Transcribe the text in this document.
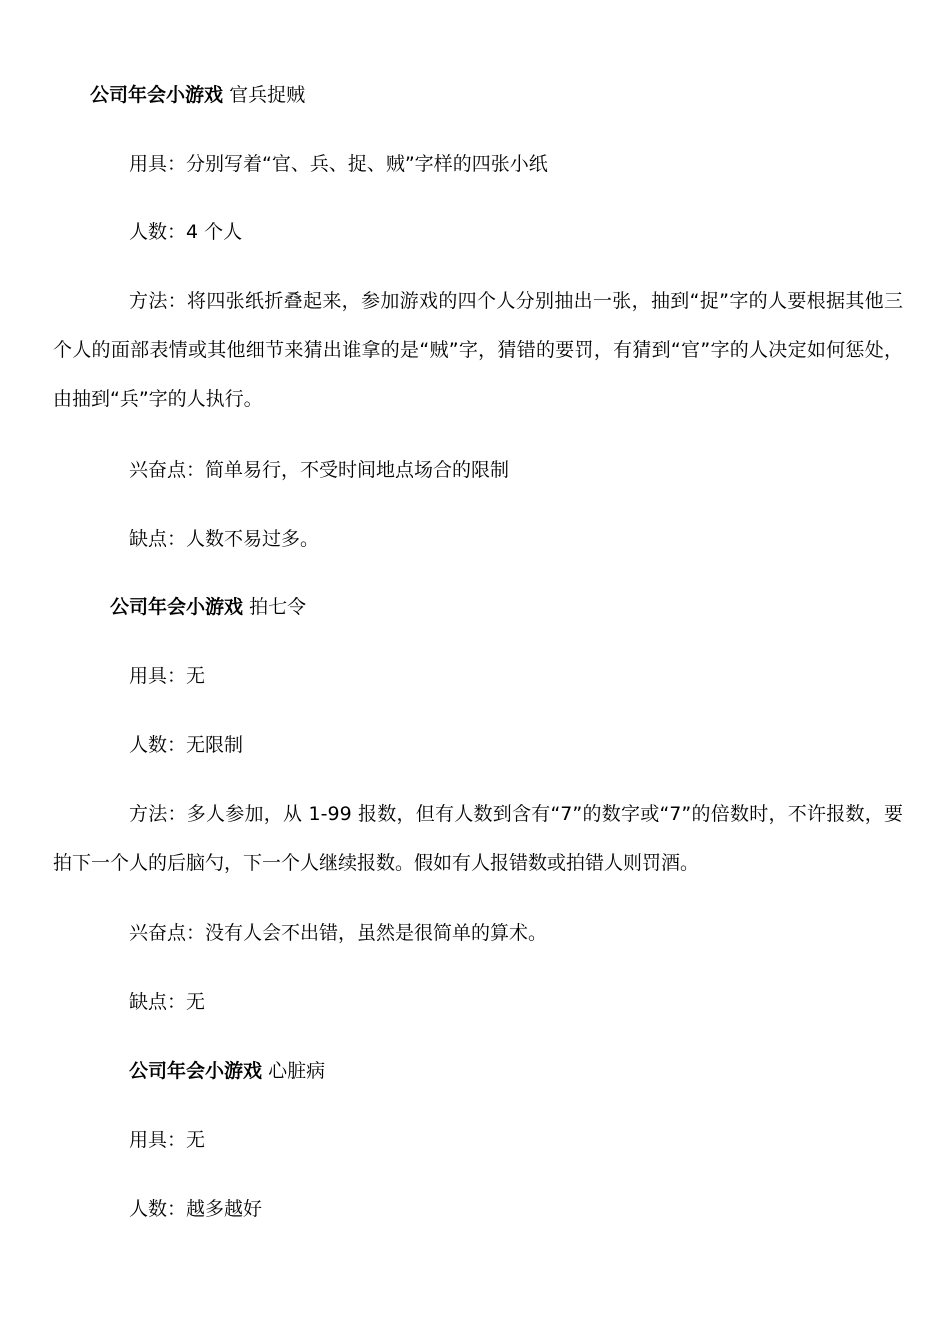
公司年会小游戏 官兵捉贼

用具：分别写着“官、兵、捉、贼”字样的四张小纸

人数：4 个人

方法：将四张纸折叠起来，参加游戏的四个人分别抽出一张，抽到“捉”字的人要根据其他三个人的面部表情或其他细节来猜出谁拿的是“贼”字，猜错的要罚，有猜到“官”字的人决定如何惩处，由抽到“兵”字的人执行。

兴奋点：简单易行，不受时间地点场合的限制

缺点：人数不易过多。

公司年会小游戏 拍七令

用具：无

人数：无限制

方法：多人参加，从 1-99 报数，但有人数到含有“7”的数字或“7”的倍数时，不许报数，要拍下一个人的后脑勺，下一个人继续报数。假如有人报错数或拍错人则罚酒。

兴奋点：没有人会不出错，虽然是很简单的算术。

缺点：无

公司年会小游戏 心脏病

用具：无

人数：越多越好
